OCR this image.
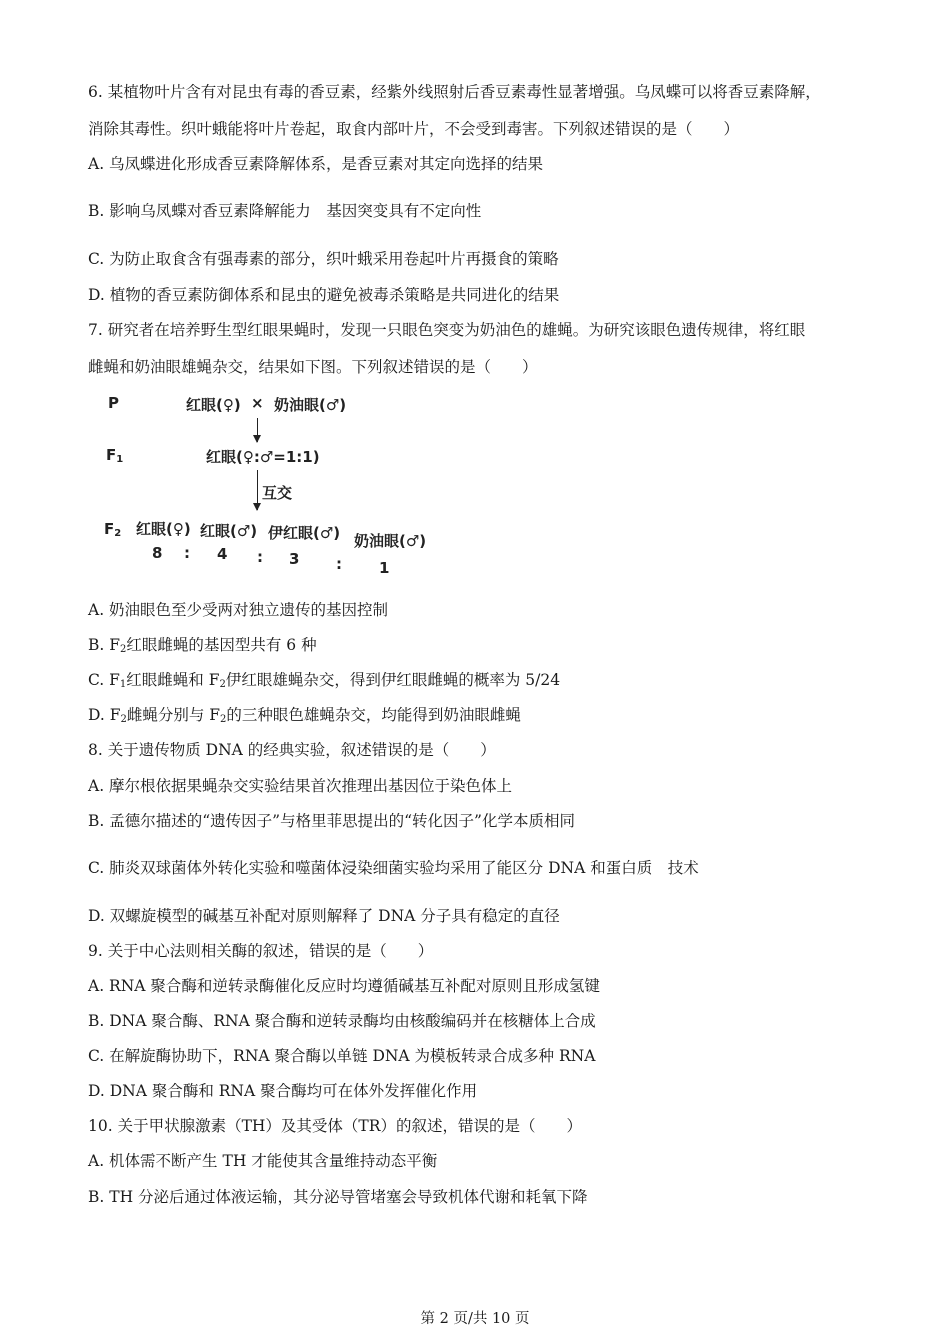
6. 某植物叶片含有对昆虫有毒的香豆素，经紫外线照射后香豆素毒性显著增强。乌凤蝶可以将香豆素降解，
消除其毒性。织叶蛾能将叶片卷起，取食内部叶片，不会受到毒害。下列叙述错误的是（　　）
A. 乌凤蝶进化形成香豆素降解体系，是香豆素对其定向选择的结果
B. 影响乌凤蝶对香豆素降解能力　基因突变具有不定向性
C. 为防止取食含有强毒素的部分，织叶蛾采用卷起叶片再摄食的策略
D. 植物的香豆素防御体系和昆虫的避免被毒杀策略是共同进化的结果
7. 研究者在培养野生型红眼果蝇时，发现一只眼色突变为奶油色的雄蝇。为研究该眼色遗传规律，将红眼
雌蝇和奶油眼雄蝇杂交，结果如下图。下列叙述错误的是（　　）
P	红眼(♀) × 奶油眼(♂)
$F_1$	红眼(♀:♂=1:1)
互交
$F_2$ 红眼(♀) 红眼(♂) 伊红眼(♂) 奶油眼(♂)
8 : 4 : 3 : 1
A. 奶油眼色至少受两对独立遗传的基因控制
B. $F_2$红眼雌蝇的基因型共有 6 种
C. $F_1$红眼雌蝇和 $F_2$伊红眼雄蝇杂交，得到伊红眼雌蝇的概率为 5/24
D. $F_2$雌蝇分别与 $F_2$的三种眼色雄蝇杂交，均能得到奶油眼雌蝇
8. 关于遗传物质 DNA 的经典实验，叙述错误的是（　　）
A. 摩尔根依据果蝇杂交实验结果首次推理出基因位于染色体上
B. 孟德尔描述的“遗传因子”与格里菲思提出的“转化因子”化学本质相同
C. 肺炎双球菌体外转化实验和噬菌体浸染细菌实验均采用了能区分 DNA 和蛋白质　技术
D. 双螺旋模型的碱基互补配对原则解释了 DNA 分子具有稳定的直径
9. 关于中心法则相关酶的叙述，错误的是（　　）
A. RNA 聚合酶和逆转录酶催化反应时均遵循碱基互补配对原则且形成氢键
B. DNA 聚合酶、RNA 聚合酶和逆转录酶均由核酸编码并在核糖体上合成
C. 在解旋酶协助下，RNA 聚合酶以单链 DNA 为模板转录合成多种 RNA
D. DNA 聚合酶和 RNA 聚合酶均可在体外发挥催化作用
10. 关于甲状腺激素（TH）及其受体（TR）的叙述，错误的是（　　）
A. 机体需不断产生 TH 才能使其含量维持动态平衡
B. TH 分泌后通过体液运输，其分泌导管堵塞会导致机体代谢和耗氧下降
第 2 页/共 10 页
